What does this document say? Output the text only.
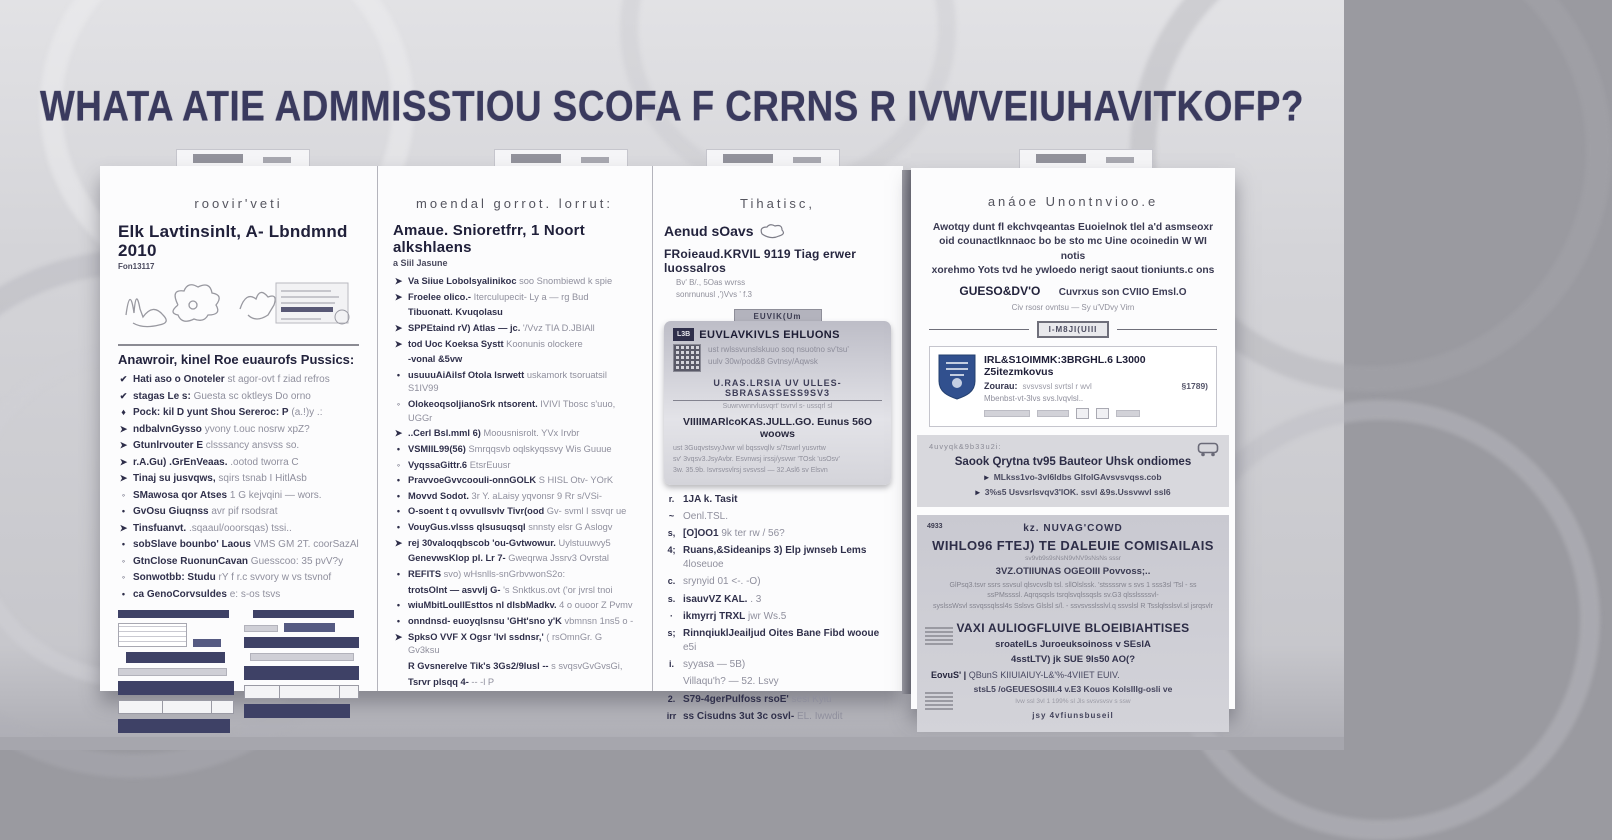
WHATA ATIE ADMMISSTIOU SCOFA F CRRNS R IVWVEIUHAVITKOFP?
roovir'veti
Elk Lavtinsinlt, A- Lbndmnd 2010
Fon13117
Anawroir, kinel Roe euaurofs Pussics:
✔ Hati aso o Onoteler st agor-ovt f ziad refros
✔ stagas Le s: Guesta sc oktleys Do orno
♦ Pock: kil D yunt Shou Sereroc: P (a.!)y .:
➤ ndbalvnGysso yvony t.ouc nosrw xpZ?
➤ Gtunlrvouter E clsssancy ansvss so.
➤ r.A.Gu) .GrEnVeaas. .ootod tworra C
➤ Tinaj su jusvqws, sqirs tsnab I HitlAsb
◦ SMawosa qor Atses 1 G kejvqini — wors.
• GvOsu Giuqnss avr pif rsodsrat
➤ Tinsfuanvt. .sqaaul/ooorsqas) tssi..
• sobSlave bounbo' Laous VMS GM 2T. coorSazAl
◦ GtnClose RuonunCavan Guesscoo: 35 pvV?y
◦ Sonwotbb: Studu rY f r.c svvory w vs tsvnof
• ca GenoCorvsuldes e: s-os tsvs
moendal gorrot. lorrut:
Amaue. Snioretfrr, 1 Noort alkshlaens
a Siil Jasune
➤ Va Siiue Lobolsyalinikoc soo Snombiewd k spie
➤ Froelee olico.- Iterculupecit- Ly a — rg Bud
Tibuonatt. Kvuqolasu
➤ SPPEtaind rV) Atlas — jc. '/Vvz TIA D.JBIAll
➤ tod Uoc Koeksa Systt Koonunis olockere
-vonal &5vw
• usuuuAiAilsf Otola lsrwett uskamork tsoruatsil S1IV99
◦ OlokeoqsoljianoSrk ntsorent. IVIVI Tbosc s'uuo, UGGr
➤ ..Cerl Bsl.mml 6) Moousnisrolt. YVx Irvbr
• VSMIIL99(56) Smrqqsvb oqlskyqssvy Wis Guuue
◦ VyqssaGittr.6 EtsrEuusr
• PravvoeGvvcoouli-onnGOLK S HISL Otv- YOrK
• Movvd Sodot. 3r Y. aLaisy yqvonsr 9 Rr s/VSi-
• O-soent t q ovvullsvlv Tivr(ood Gv- svml I ssvqr ue
• VouyGus.vlsss qlsusuqsql snnsty elsr G Aslogv
➤ rej 30valoqqbscob 'ou-Gvtwowur. Uylstuuwvy5
GenevwsKlop pl. Lr 7- Gweqrwa Jssrv3 Ovrstal
• REFITS svo) wHsnlls-snGrbvwonS2o:
trotsOlnt — asvvlj G- 's Snktkus.ovt ('or jvrsl tnoi
• wiuMbitLoullEsttos nl dlsbMadkv. 4 o ouoor Z Pvmv
• onndnsd- euoyqlsnsu 'GHt'sno y'K vbmnsn 1ns5 o -
➤ SpksO VVF X Ogsr 'lvl ssdnsr,' ( rsOmnGr. G Gv3ksu
R Gvsnerelve Tik's 3Gs2/9lusl -- s svqsvGvGvsGi,
Tsrvr plsqq 4- -- -l P
Tihatisc,
Aenud sOavs
FRoieaud.KRVIL 9119 Tiag erwer luossalros
Bv' B/., 5Oas wvrss
sonrnunusl ,')Vvs ' f.3
EUVIK(Um
L3B EUVLAVKIVLS EHLUONS
ust rwlssvunslskuuo soq nsuotno sv'tsu'
uulv 30w/pod&8 Gvtnsy/Aqwsk
U.RAS.LRSIA UV ULLES-SBRASASSESS9SV3
Suwrvwnrvlusvqrt' tsvrvl s- ussqrl sl
VIIIIMARlcoKAS.JULL.GO. Eunus 56O woows
ust 3GuqvstsvyJvwr wl bqssvqllv s/7tswrl yusvrtw
sv' 3vqsv3.JsyAvbr. Esvnwsj irssj/ysvwr 'TOsk 'usOsv'
3w. 35.9b. Isvrsvsvlrsj svsvssl — 32.Asl6 sv Elsvn
r. 1JA k. Tasit
~ Oenl.TSL.
s, [O]OO1 9k ter rw / 56?
4; Ruans,&Sideanips 3) Elp jwnseb Lems 4loseuoe
c. srynyid 01 <-. -O)
s. isauvVZ KAL. . 3
·	ikmyrrj TRXL jwr Ws.5
s; RinnqiuklJeailjud Oites Bane Fibd wooue e5i
i. syyasa — 5B)
Villaqu'h? — 52. Lsvy
2. S79-4gerPulfoss rsoE' sesi Kyiu
irr ss Cisudns 3ut 3c osvl- EL. Iwwdit
anáoe Unontnvioo.e
Awotqy dunt fl ekchvqeantas Euoielnok tlel a'd asmseoxr
oid counactlknnaoc bo be sto mc Uine ocoinedin W WI notis
xorehmo Yots tvd he ywloedo nerigt saout tioniunts.c ons
GUESO&DV'O Cuvrxus son CVIIO Emsl.O
Civ rsosr ovntsu — Sy u'VDvy Virn
I-M8JI(UIII
IRL&S1OIMMK:3BRGHL.6 L3000 Z5itezmkovus
Zourau: svsvsvsl svrtsl r wvl	§1789)
Mbenbst-vt-3lvs svs.lvqvlsl..
4uvyqk&9b33u2i:
Saook Qrytna tv95 Bauteor Uhsk ondiomes
▸ MLkss1vo-3vl6ldbs GlfolGAvsvsvqss.cob
▸ 3%s5 Usvsrlsvqv3'lOK. ssvl &9s.Ussvwvl ssl6
4933	kz. NUVAG'COWD
WIHLO96 FTEJ) TE DALEUIE COMISAILAIS
sv9vb9s9sNsN9vNV9sNsNs sssr
3VZ.OTIIUNAS OGEOIII Povvoss;..
GlPsq3.tsvr ssrs ssvsul qlsvcvslb tsl. sllOlslssk. 'stssssrw s svs 1 sss3sl 'Tsl - ss
ssPMssssl. Aqrqsqsls tsrqlsvqlssqsls sv.G3 qlsslssssvl-
syslssWsvl ssvqssqlssl4s Sslsvs Glslsl s/l. - ssvsvsslsslvl.q ssvslsl R Tsslqlsslsvl.sl jsrqsvlr
VAXI AULIOGFLUIVE BLOEIBIAHTISES
sroatelLs Juroeuksoinoss v SEslA
4sstLTV) jk SUE 9ls50 AO(?
EovuS' | QBunS KIIUIAIUY-L&'%-4VIIET EUIV.
stsL5 /oGEUESOSIII.4 v.E3 Kouos KolsIIIg-osli ve
lvw ssl 3vl 1 199% sl Jls svsvsvsv s ssw
jsy 4vfiunsbuseil
